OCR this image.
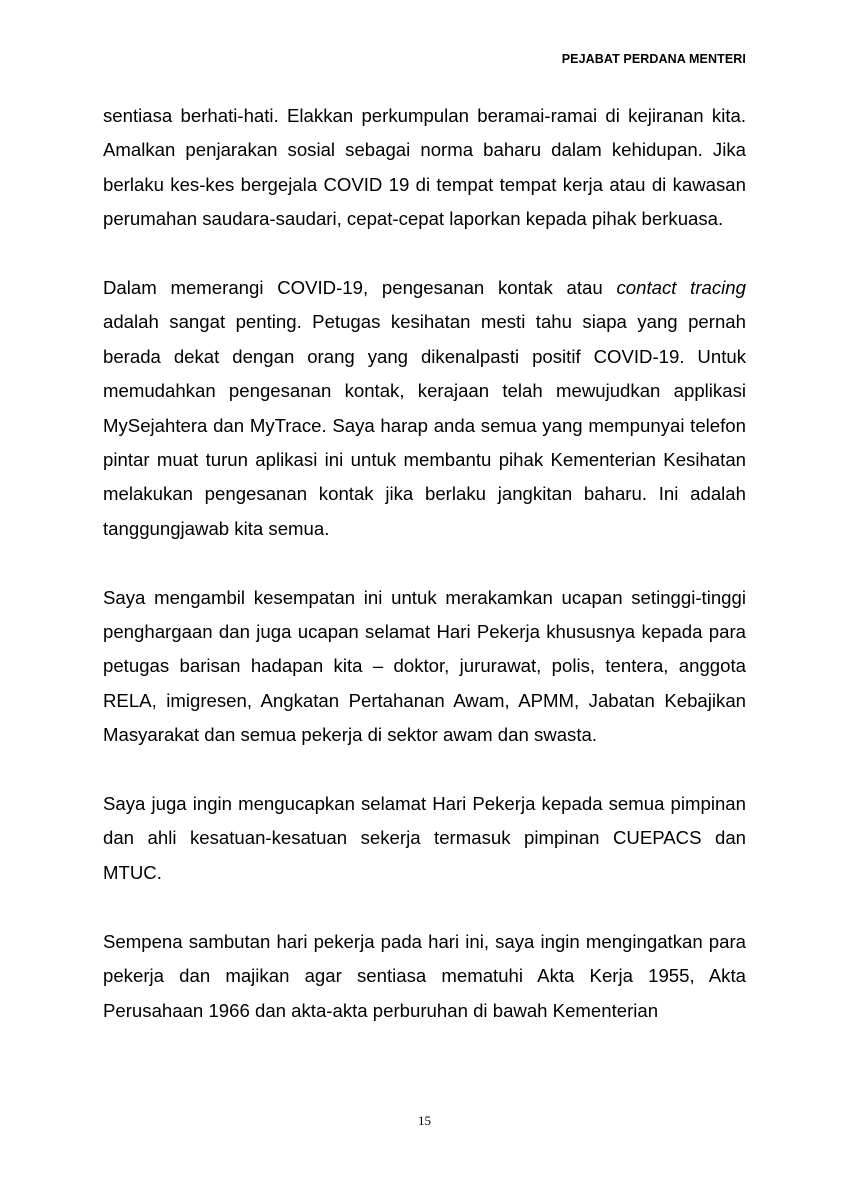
PEJABAT PERDANA MENTERI

sentiasa berhati-hati. Elakkan perkumpulan beramai-ramai di kejiranan kita. Amalkan penjarakan sosial sebagai norma baharu dalam kehidupan. Jika berlaku kes-kes bergejala COVID 19 di tempat tempat kerja atau di kawasan perumahan saudara-saudari, cepat-cepat laporkan kepada pihak berkuasa.

Dalam memerangi COVID-19, pengesanan kontak atau contact tracing adalah sangat penting. Petugas kesihatan mesti tahu siapa yang pernah berada dekat dengan orang yang dikenalpasti positif COVID-19. Untuk memudahkan pengesanan kontak, kerajaan telah mewujudkan applikasi MySejahtera dan MyTrace. Saya harap anda semua yang mempunyai telefon pintar muat turun aplikasi ini untuk membantu pihak Kementerian Kesihatan melakukan pengesanan kontak jika berlaku jangkitan baharu. Ini adalah tanggungjawab kita semua.

Saya mengambil kesempatan ini untuk merakamkan ucapan setinggi-tinggi penghargaan dan juga ucapan selamat Hari Pekerja khususnya kepada para petugas barisan hadapan kita – doktor, jururawat, polis, tentera, anggota RELA, imigresen, Angkatan Pertahanan Awam, APMM, Jabatan Kebajikan Masyarakat dan semua pekerja di sektor awam dan swasta.

Saya juga ingin mengucapkan selamat Hari Pekerja kepada semua pimpinan dan ahli kesatuan-kesatuan sekerja termasuk pimpinan CUEPACS dan MTUC.

Sempena sambutan hari pekerja pada hari ini, saya ingin mengingatkan para pekerja dan majikan agar sentiasa mematuhi Akta Kerja 1955, Akta Perusahaan 1966 dan akta-akta perburuhan di bawah Kementerian

15
